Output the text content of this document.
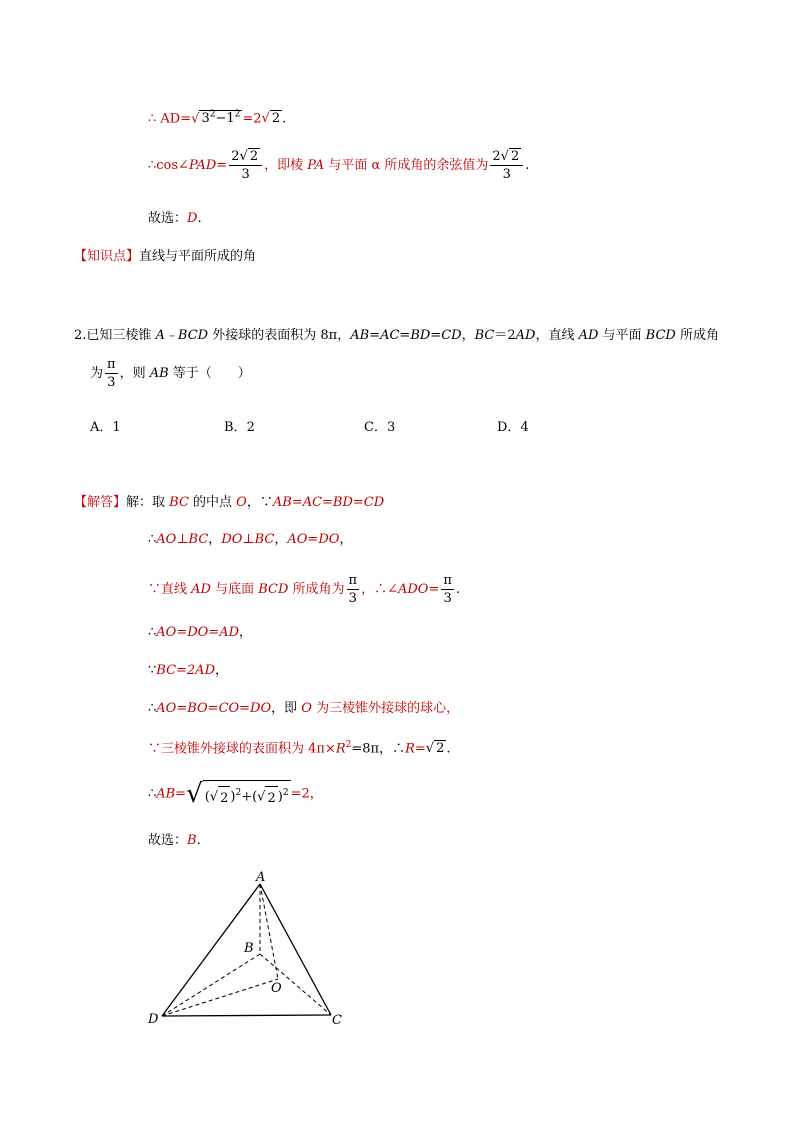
∴ AD=√ $3^2-1^2 =2√$ 2 .
∴cos∠PAD= $\frac{2√ 2}{3}$ ，即棱 PA 与平面 α 所成角的余弦值为 $\frac{2√ 2}{3}$ .
故选：D.
【知识点】直线与平面所成的角
2.已知三棱锥 A﹣BCD 外接球的表面积为 8π，AB=AC=BD=CD，BC＝2AD，直线 AD 与平面 BCD 所成角
为 $\frac{\pi}{3}$ ，则 AB 等于（　　）
A．1	B．2	C．3	D．4
【解答】解：取 BC 的中点 O，∵AB=AC=BD=CD
∴AO⊥BC，DO⊥BC，AO=DO，
∵直线 AD 与底面 BCD 所成角为 $\frac{\pi}{3}$ ，∴∠ADO= $\frac{\pi}{3}$ .
∴AO=DO=AD，
∵BC=2AD，
∴AO=BO=CO=DO，即 O 为三棱锥外接球的球心，
∵三棱锥外接球的表面积为 $4\pi\times R^2=8\pi$，∴R=√ 2 .
∴AB=√ (√ 2 )$^2$+(√ 2 )$^2$ =2，
故选：B.
A
B
O
D	C
